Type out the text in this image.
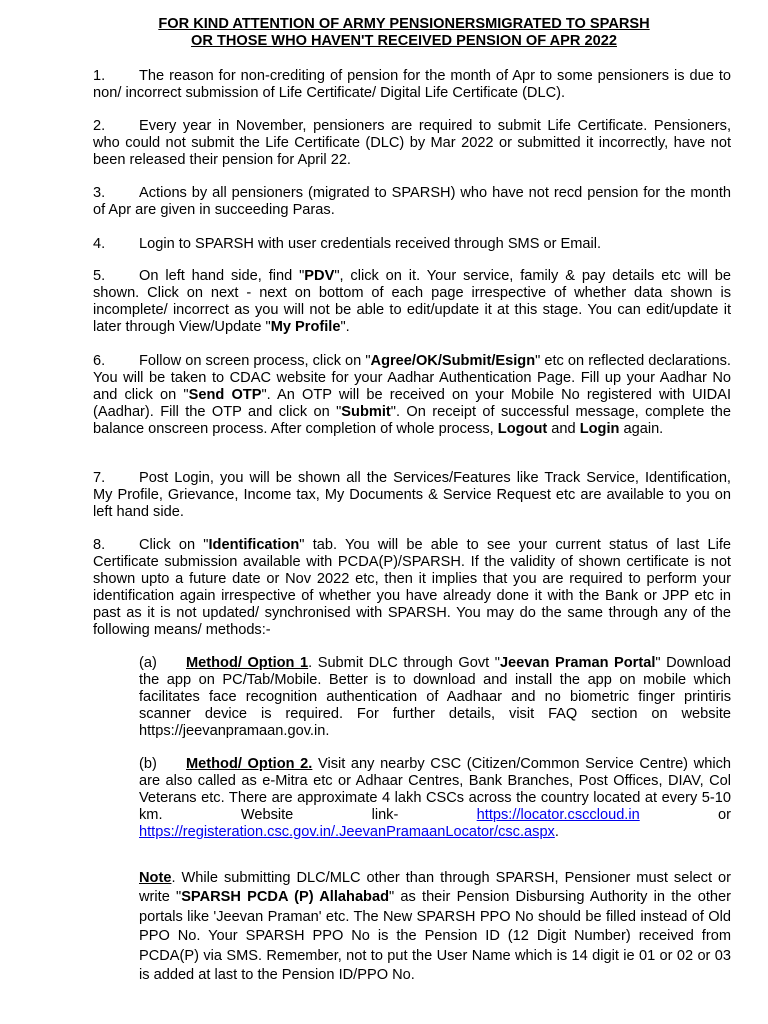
FOR KIND ATTENTION OF ARMY PENSIONERSMIGRATED TO SPARSH
OR THOSE WHO HAVEN'T RECEIVED PENSION OF APR 2022
1. The reason for non-crediting of pension for the month of Apr to some pensioners is due to non/ incorrect submission of Life Certificate/ Digital Life Certificate (DLC).
2. Every year in November, pensioners are required to submit Life Certificate. Pensioners, who could not submit the Life Certificate (DLC) by Mar 2022 or submitted it incorrectly, have not been released their pension for April 22.
3. Actions by all pensioners (migrated to SPARSH) who have not recd pension for the month of Apr are given in succeeding Paras.
4. Login to SPARSH with user credentials received through SMS or Email.
5. On left hand side, find "PDV", click on it. Your service, family & pay details etc will be shown. Click on next - next on bottom of each page irrespective of whether data shown is incomplete/ incorrect as you will not be able to edit/update it at this stage. You can edit/update it later through View/Update "My Profile".
6. Follow on screen process, click on "Agree/OK/Submit/Esign" etc on reflected declarations. You will be taken to CDAC website for your Aadhar Authentication Page. Fill up your Aadhar No and click on "Send OTP". An OTP will be received on your Mobile No registered with UIDAI (Aadhar). Fill the OTP and click on "Submit". On receipt of successful message, complete the balance onscreen process. After completion of whole process, Logout and Login again.
7. Post Login, you will be shown all the Services/Features like Track Service, Identification, My Profile, Grievance, Income tax, My Documents & Service Request etc are available to you on left hand side.
8. Click on "Identification" tab. You will be able to see your current status of last Life Certificate submission available with PCDA(P)/SPARSH. If the validity of shown certificate is not shown upto a future date or Nov 2022 etc, then it implies that you are required to perform your identification again irrespective of whether you have already done it with the Bank or JPP etc in past as it is not updated/ synchronised with SPARSH. You may do the same through any of the following means/ methods:-
(a) Method/ Option 1. Submit DLC through Govt "Jeevan Praman Portal" Download the app on PC/Tab/Mobile. Better is to download and install the app on mobile which facilitates face recognition authentication of Aadhaar and no biometric finger printiris scanner device is required. For further details, visit FAQ section on website https://jeevanpramaan.gov.in.
(b) Method/ Option 2. Visit any nearby CSC (Citizen/Common Service Centre) which are also called as e-Mitra etc or Adhaar Centres, Bank Branches, Post Offices, DIAV, Col Veterans etc. There are approximate 4 lakh CSCs across the country located at every 5-10 km. Website link- https://locator.csccloud.in or https://registeration.csc.gov.in/.JeevanPramaanLocator/csc.aspx.
Note. While submitting DLC/MLC other than through SPARSH, Pensioner must select or write "SPARSH PCDA (P) Allahabad" as their Pension Disbursing Authority in the other portals like 'Jeevan Praman' etc. The New SPARSH PPO No should be filled instead of Old PPO No. Your SPARSH PPO No is the Pension ID (12 Digit Number) received from PCDA(P) via SMS. Remember, not to put the User Name which is 14 digit ie 01 or 02 or 03 is added at last to the Pension ID/PPO No.
